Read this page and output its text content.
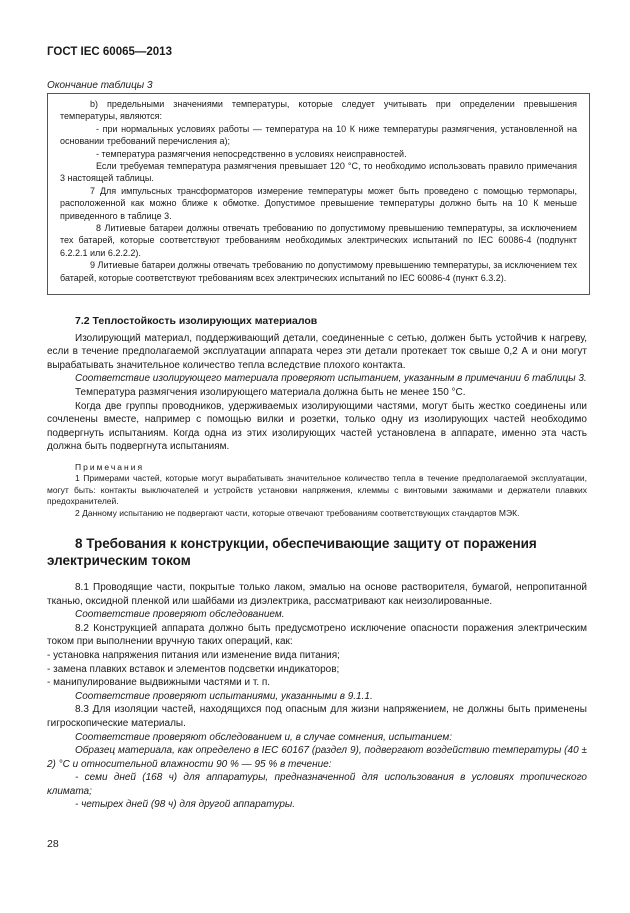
ГОСТ IEC 60065—2013
Окончание таблицы 3

b) предельными значениями температуры, которые следует учитывать при определении превышения температуры, являются:

- при нормальных условиях работы — температура на 10 К ниже температуры размягчения, установленной на основании требований перечисления a);

- температура размягчения непосредственно в условиях неисправностей.

Если требуемая температура размягчения превышает 120 °С, то необходимо использовать правило примечания 3 настоящей таблицы.

7 Для импульсных трансформаторов измерение температуры может быть проведено с помощью термопары, расположенной как можно ближе к обмотке. Допустимое превышение температуры должно быть на 10 К меньше приведенного в таблице 3.

8 Литиевые батареи должны отвечать требованию по допустимому превышению температуры, за исключением тех батарей, которые соответствуют требованиям необходимых электрических испытаний по IEC 60086-4 (подпункт 6.2.2.1 или 6.2.2.2).

9 Литиевые батареи должны отвечать требованию по допустимому превышению температуры, за исключением тех батарей, которые соответствуют требованиям всех электрических испытаний по IEC 60086-4 (пункт 6.3.2).

7.2 Теплостойкость изолирующих материалов

Изолирующий материал, поддерживающий детали, соединенные с сетью, должен быть устойчив к нагреву, если в течение предполагаемой эксплуатации аппарата через эти детали протекает ток свыше 0,2 А и они могут вырабатывать значительное количество тепла вследствие плохого контакта.

Соответствие изолирующего материала проверяют испытанием, указанным в примечании 6 таблицы 3.

Температура размягчения изолирующего материала должна быть не менее 150 °С.

Когда две группы проводников, удерживаемых изолирующими частями, могут быть жестко соединены или сочленены вместе, например с помощью вилки и розетки, только одну из изолирующих частей необходимо подвергнуть испытаниям. Когда одна из этих изолирующих частей установлена в аппарате, именно эта часть должна быть подвергнута испытаниям.

Примечания

1 Примерами частей, которые могут вырабатывать значительное количество тепла в течение предполагаемой эксплуатации, могут быть: контакты выключателей и устройств установки напряжения, клеммы с винтовыми зажимами и держатели плавких предохранителей.

2 Данному испытанию не подвергают части, которые отвечают требованиям соответствующих стандартов МЭК.

8 Требования к конструкции, обеспечивающие защиту от поражения электрическим током

8.1 Проводящие части, покрытые только лаком, эмалью на основе растворителя, бумагой, непропитанной тканью, оксидной пленкой или шайбами из диэлектрика, рассматривают как неизолированные.

Соответствие проверяют обследованием.

8.2 Конструкцией аппарата должно быть предусмотрено исключение опасности поражения электрическим током при выполнении вручную таких операций, как:

- установка напряжения питания или изменение вида питания;

- замена плавких вставок и элементов подсветки индикаторов;

- манипулирование выдвижными частями и т. п.

Соответствие проверяют испытаниями, указанными в 9.1.1.

8.3 Для изоляции частей, находящихся под опасным для жизни напряжением, не должны быть применены гигроскопические материалы.

Соответствие проверяют обследованием и, в случае сомнения, испытанием:

Образец материала, как определено в IEC 60167 (раздел 9), подвергают воздействию температуры (40 ± 2) °С и относительной влажности 90 % — 95 % в течение:

- семи дней (168 ч) для аппаратуры, предназначенной для использования в условиях тропического климата;

- четырех дней (98 ч) для другой аппаратуры.

28
